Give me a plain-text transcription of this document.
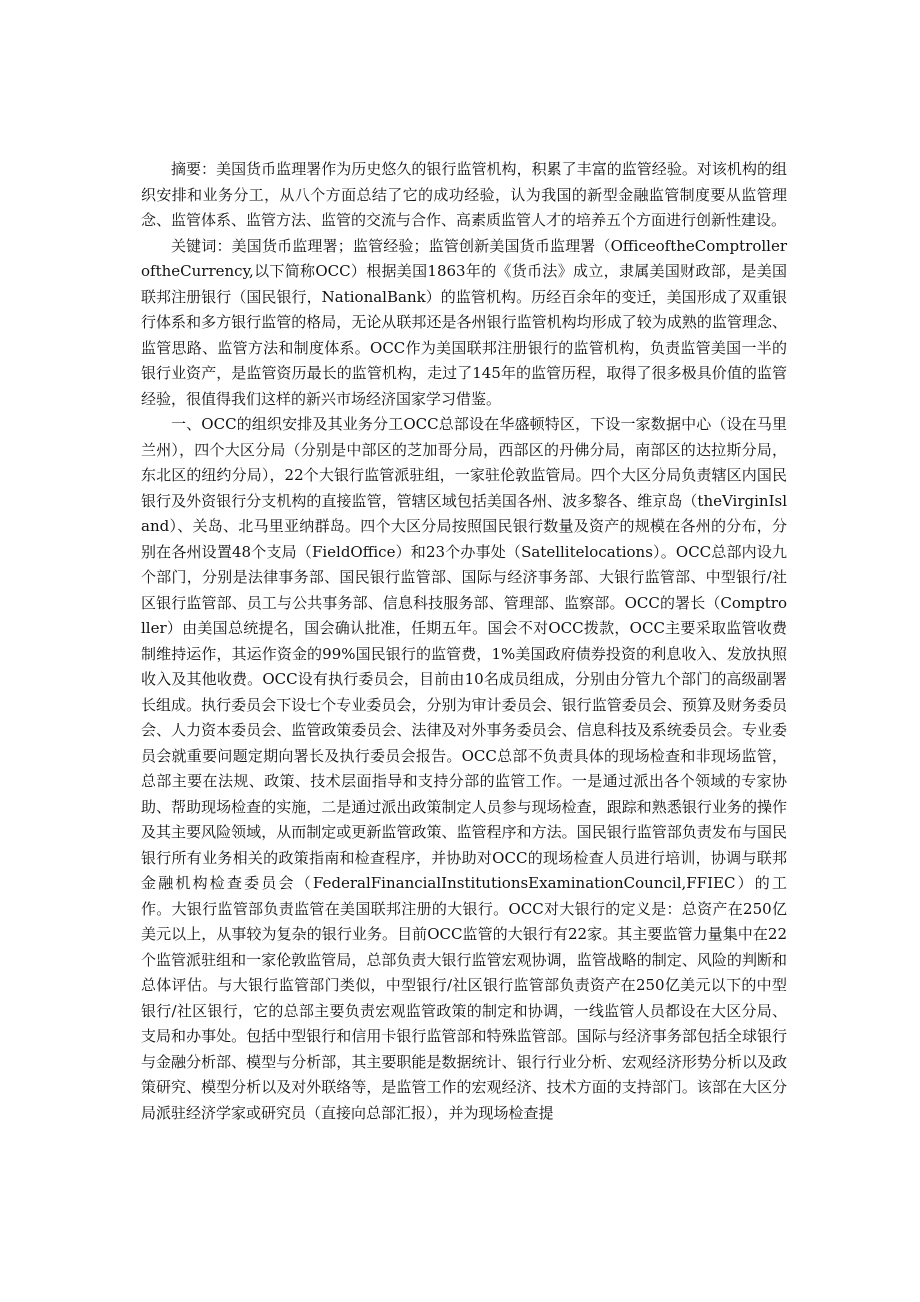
摘要：美国货币监理署作为历史悠久的银行监管机构，积累了丰富的监管经验。对该机构的组织安排和业务分工，从八个方面总结了它的成功经验，认为我国的新型金融监管制度要从监管理念、监管体系、监管方法、监管的交流与合作、高素质监管人才的培养五个方面进行创新性建设。

关键词：美国货币监理署；监管经验；监管创新美国货币监理署（OfficeoftheComptrolleroftheCurrency,以下简称OCC）根据美国1863年的《货币法》成立，隶属美国财政部，是美国联邦注册银行（国民银行，NationalBank）的监管机构。历经百余年的变迁，美国形成了双重银行体系和多方银行监管的格局，无论从联邦还是各州银行监管机构均形成了较为成熟的监管理念、监管思路、监管方法和制度体系。OCC作为美国联邦注册银行的监管机构，负责监管美国一半的银行业资产，是监管资历最长的监管机构，走过了145年的监管历程，取得了很多极具价值的监管经验，很值得我们这样的新兴市场经济国家学习借鉴。

一、OCC的组织安排及其业务分工OCC总部设在华盛顿特区，下设一家数据中心（设在马里兰州），四个大区分局（分别是中部区的芝加哥分局，西部区的丹佛分局，南部区的达拉斯分局，东北区的纽约分局），22个大银行监管派驻组，一家驻伦敦监管局。四个大区分局负责辖区内国民银行及外资银行分支机构的直接监管，管辖区域包括美国各州、波多黎各、维京岛（theVirginIsland）、关岛、北马里亚纳群岛。四个大区分局按照国民银行数量及资产的规模在各州的分布，分别在各州设置48个支局（FieldOffice）和23个办事处（Satellitelocations）。OCC总部内设九个部门，分别是法律事务部、国民银行监管部、国际与经济事务部、大银行监管部、中型银行/社区银行监管部、员工与公共事务部、信息科技服务部、管理部、监察部。OCC的署长（Comptroller）由美国总统提名，国会确认批准，任期五年。国会不对OCC拨款，OCC主要采取监管收费制维持运作，其运作资金的99%国民银行的监管费，1%美国政府债券投资的利息收入、发放执照收入及其他收费。OCC设有执行委员会，目前由10名成员组成，分别由分管九个部门的高级副署长组成。执行委员会下设七个专业委员会，分别为审计委员会、银行监管委员会、预算及财务委员会、人力资本委员会、监管政策委员会、法律及对外事务委员会、信息科技及系统委员会。专业委员会就重要问题定期向署长及执行委员会报告。OCC总部不负责具体的现场检查和非现场监管，总部主要在法规、政策、技术层面指导和支持分部的监管工作。一是通过派出各个领域的专家协助、帮助现场检查的实施，二是通过派出政策制定人员参与现场检查，跟踪和熟悉银行业务的操作及其主要风险领域，从而制定或更新监管政策、监管程序和方法。国民银行监管部负责发布与国民银行所有业务相关的政策指南和检查程序，并协助对OCC的现场检查人员进行培训，协调与联邦金融机构检查委员会（FederalFinancialInstitutionsExaminationCouncil,FFIEC）的工作。大银行监管部负责监管在美国联邦注册的大银行。OCC对大银行的定义是：总资产在250亿美元以上，从事较为复杂的银行业务。目前OCC监管的大银行有22家。其主要监管力量集中在22个监管派驻组和一家伦敦监管局，总部负责大银行监管宏观协调，监管战略的制定、风险的判断和总体评估。与大银行监管部门类似，中型银行/社区银行监管部负责资产在250亿美元以下的中型银行/社区银行，它的总部主要负责宏观监管政策的制定和协调，一线监管人员都设在大区分局、支局和办事处。包括中型银行和信用卡银行监管部和特殊监管部。国际与经济事务部包括全球银行与金融分析部、模型与分析部，其主要职能是数据统计、银行行业分析、宏观经济形势分析以及政策研究、模型分析以及对外联络等，是监管工作的宏观经济、技术方面的支持部门。该部在大区分局派驻经济学家或研究员（直接向总部汇报），并为现场检查提
